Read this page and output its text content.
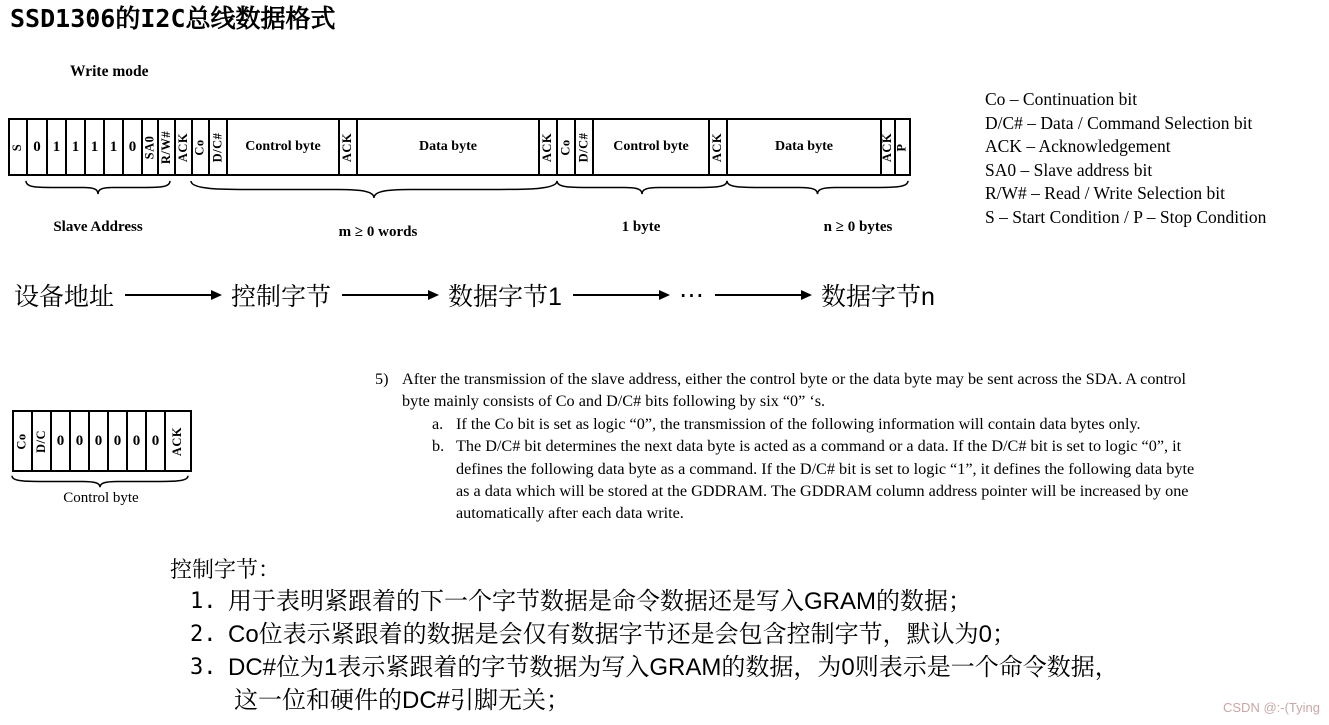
SSD1306的I2C总线数据格式
Write mode
S 0 1 1 1 1 0 SA0 R/W# ACK Co D/C# Control byte ACK	Data byte	ACK Co D/C# Control byte ACK	Data byte	ACK P
Slave Address	m ≥ 0 words	1 byte	n ≥ 0 bytes
Co – Continuation bit
D/C# – Data / Command Selection bit
ACK – Acknowledgement
SA0 – Slave address bit
R/W# – Read / Write Selection bit
S – Start Condition / P – Stop Condition
设备地址	控制字节	数据字节1	⋯	数据字节n
Co D/C 0 0 0 0 0 0 ACK
Control byte
5) After the transmission of the slave address, either the control byte or the data byte may be sent across the SDA. A control byte mainly consists of Co and D/C# bits following by six “0” ‘s.
a. If the Co bit is set as logic “0”, the transmission of the following information will contain data bytes only.
b. The D/C# bit determines the next data byte is acted as a command or a data. If the D/C# bit is set to logic “0”, it defines the following data byte as a command. If the D/C# bit is set to logic “1”, it defines the following data byte as a data which will be stored at the GDDRAM. The GDDRAM column address pointer will be increased by one automatically after each data write.
控制字节：
1. 用于表明紧跟着的下一个字节数据是命令数据还是写入GRAM的数据；
2. Co位表示紧跟着的数据是会仅有数据字节还是会包含控制字节，默认为0；
3. DC#位为1表示紧跟着的字节数据为写入GRAM的数据，为0则表示是一个命令数据，
这一位和硬件的DC#引脚无关；	CSDN @:-(Tying
